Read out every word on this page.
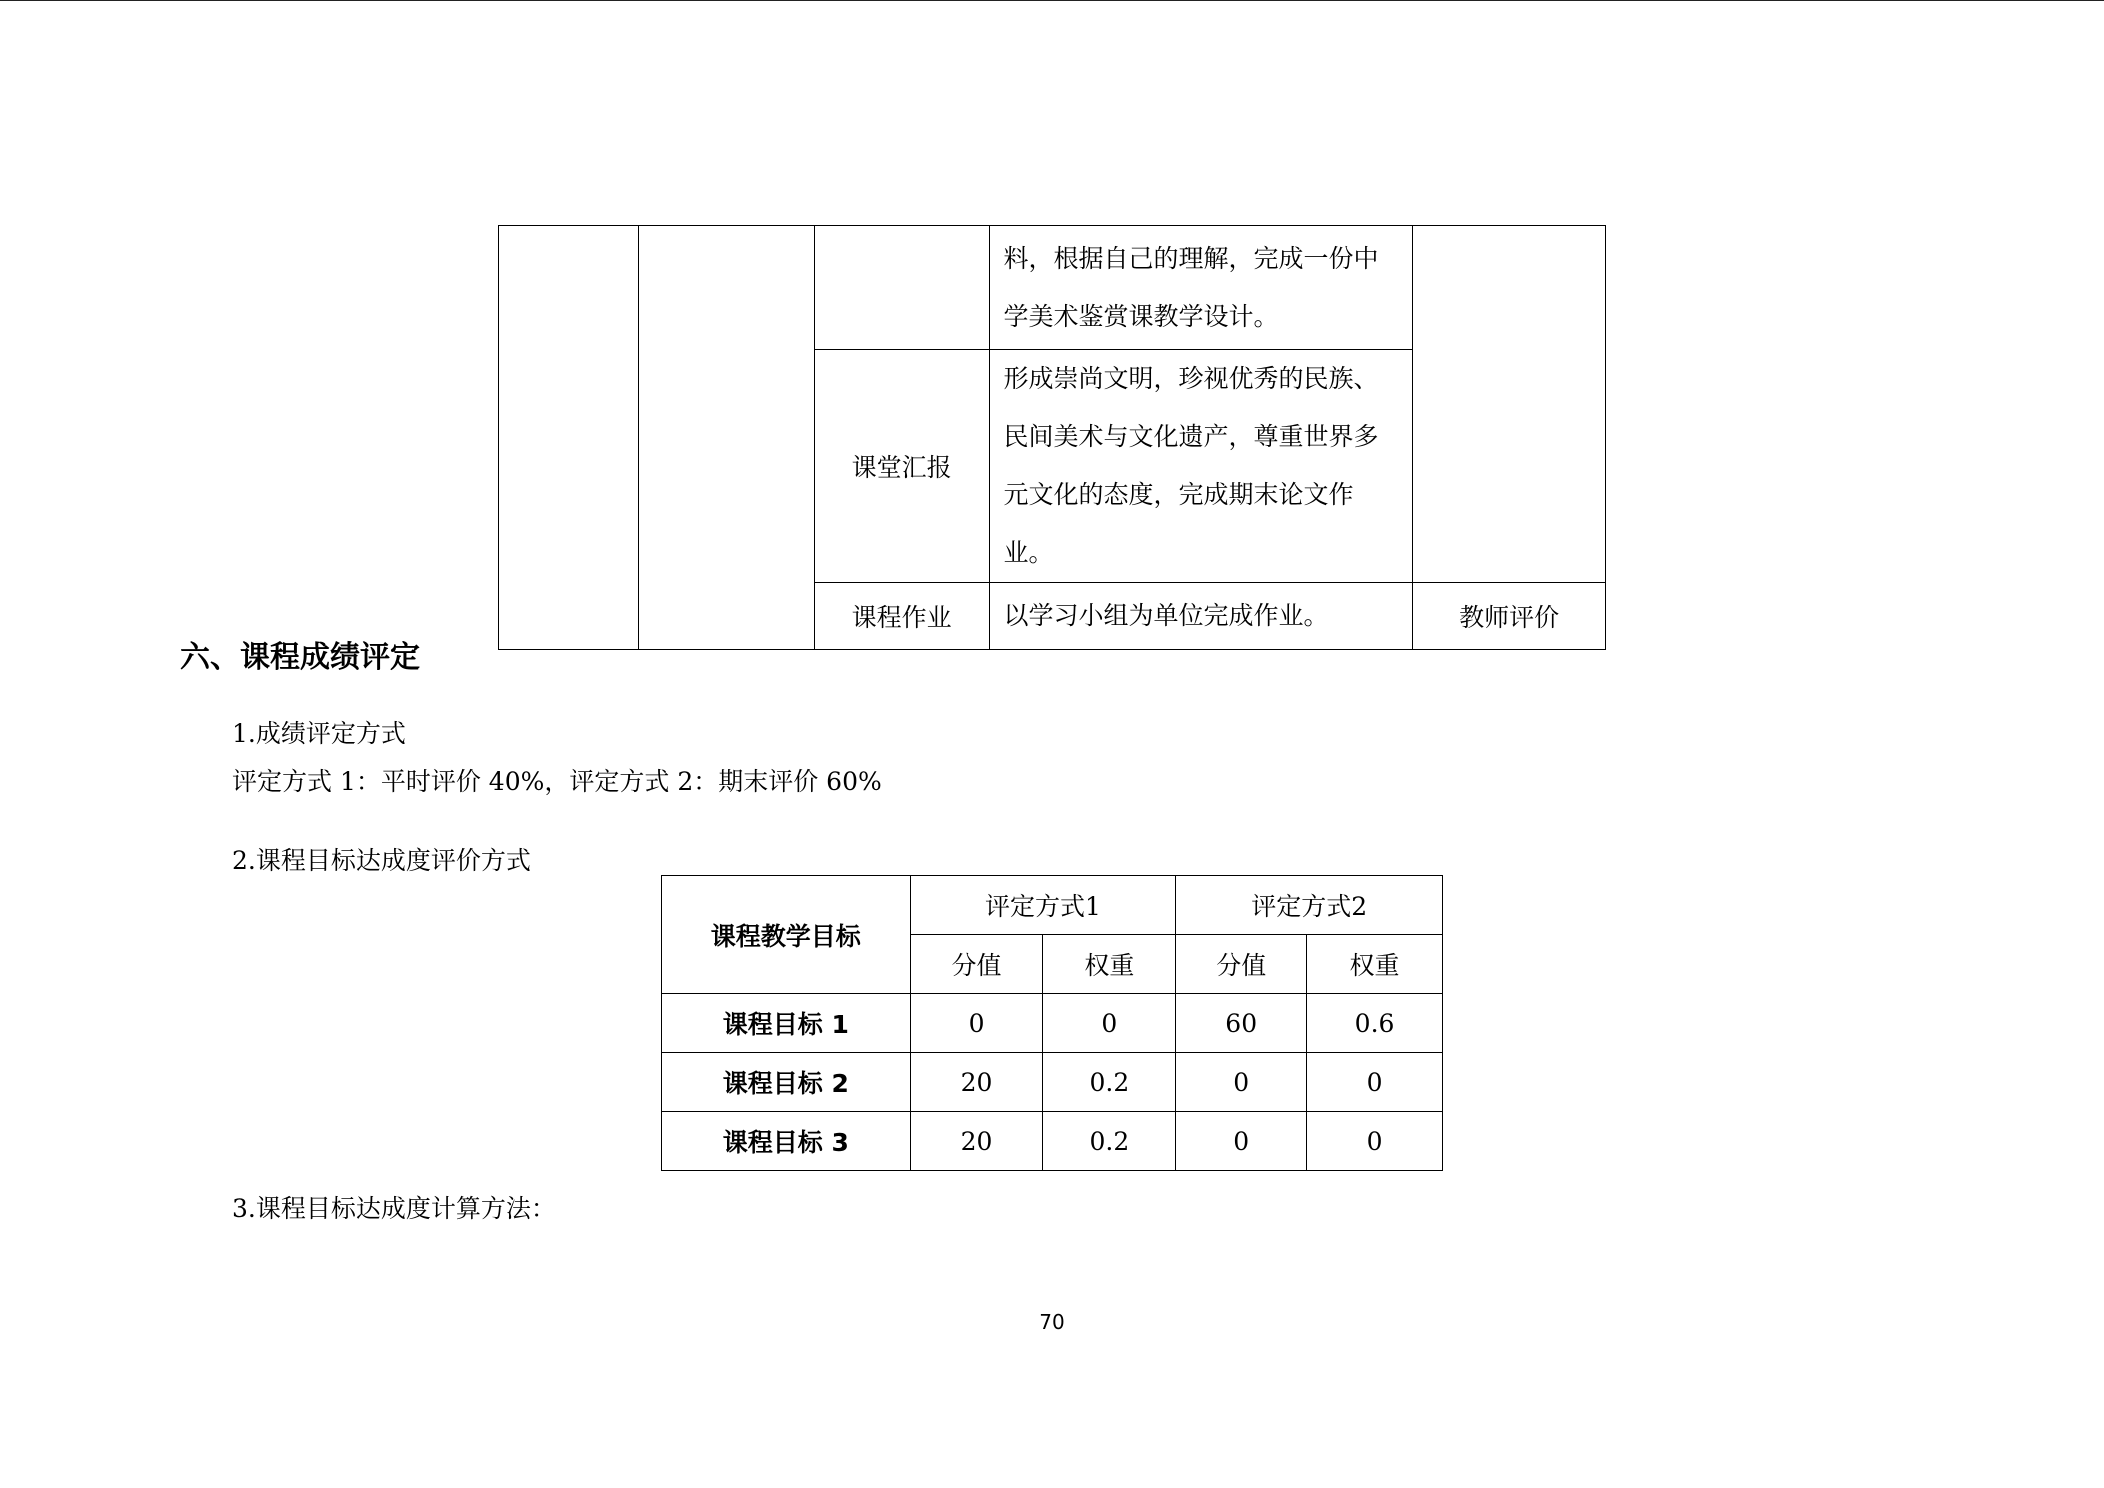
			料，根据自己的理解，完成一份中
学美术鉴赏课教学设计。	
		课堂汇报	形成崇尚文明，珍视优秀的民族、
民间美术与文化遗产，尊重世界多
元文化的态度，完成期末论文作业。	
		课程作业	以学习小组为单位完成作业。	教师评价
六、课程成绩评定
1.成绩评定方式
评定方式 1：平时评价 40%，评定方式 2：期末评价 60%
2.课程目标达成度评价方式
课程教学目标	评定方式1		评定方式2	
	分值	权重	分值	权重
课程目标 1	0	0	60	0.6
课程目标 2	20	0.2	0	0
课程目标 3	20	0.2	0	0
3.课程目标达成度计算方法：
70
